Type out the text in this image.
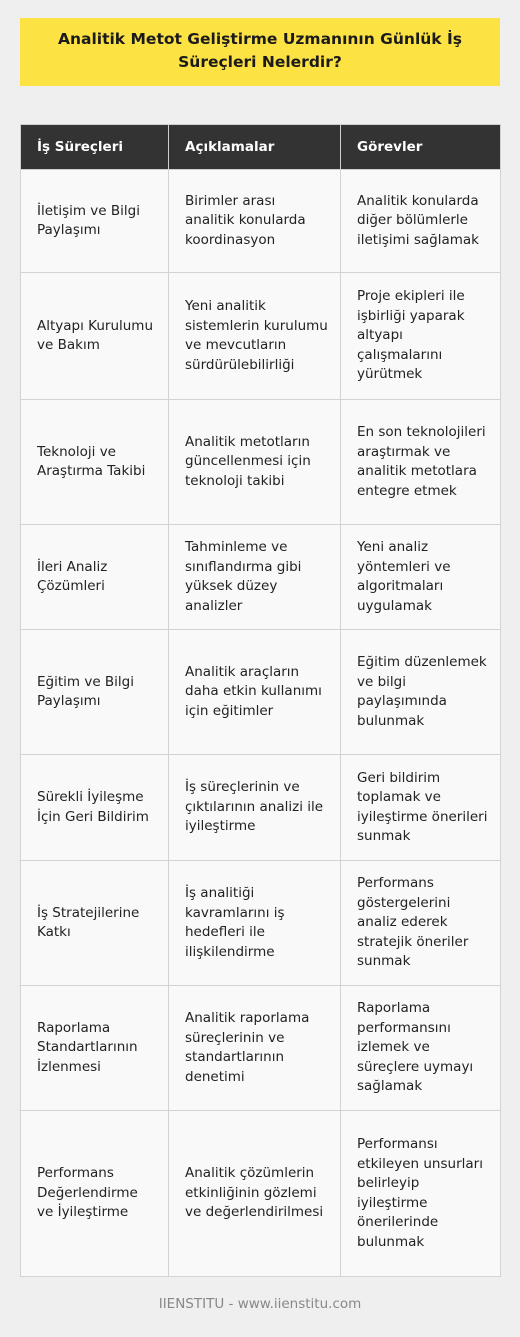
Analitik Metot Geliştirme Uzmanının Günlük İş Süreçleri Nelerdir?
İş Süreçleri	Açıklamalar	Görevler
İletişim ve Bilgi Paylaşımı	Birimler arası analitik konularda koordinasyon	Analitik konularda diğer bölümlerle iletişimi sağlamak
Altyapı Kurulumu ve Bakım	Yeni analitik sistemlerin kurulumu ve mevcutların sürdürülebilirliği	Proje ekipleri ile işbirliği yaparak altyapı çalışmalarını yürütmek
Teknoloji ve Araştırma Takibi	Analitik metotların güncellenmesi için teknoloji takibi	En son teknolojileri araştırmak ve analitik metotlara entegre etmek
İleri Analiz Çözümleri	Tahminleme ve sınıflandırma gibi yüksek düzey analizler	Yeni analiz yöntemleri ve algoritmaları uygulamak
Eğitim ve Bilgi Paylaşımı	Analitik araçların daha etkin kullanımı için eğitimler	Eğitim düzenlemek ve bilgi paylaşımında bulunmak
Sürekli İyileşme İçin Geri Bildirim	İş süreçlerinin ve çıktılarının analizi ile iyileştirme	Geri bildirim toplamak ve iyileştirme önerileri sunmak
İş Stratejilerine Katkı	İş analitiği kavramlarını iş hedefleri ile ilişkilendirme	Performans göstergelerini analiz ederek stratejik öneriler sunmak
Raporlama Standartlarının İzlenmesi	Analitik raporlama süreçlerinin ve standartlarının denetimi	Raporlama performansını izlemek ve süreçlere uymayı sağlamak
Performans Değerlendirme ve İyileştirme	Analitik çözümlerin etkinliğinin gözlemi ve değerlendirilmesi	Performansı etkileyen unsurları belirleyip iyileştirme önerilerinde bulunmak
IIENSTITU - www.iienstitu.com
